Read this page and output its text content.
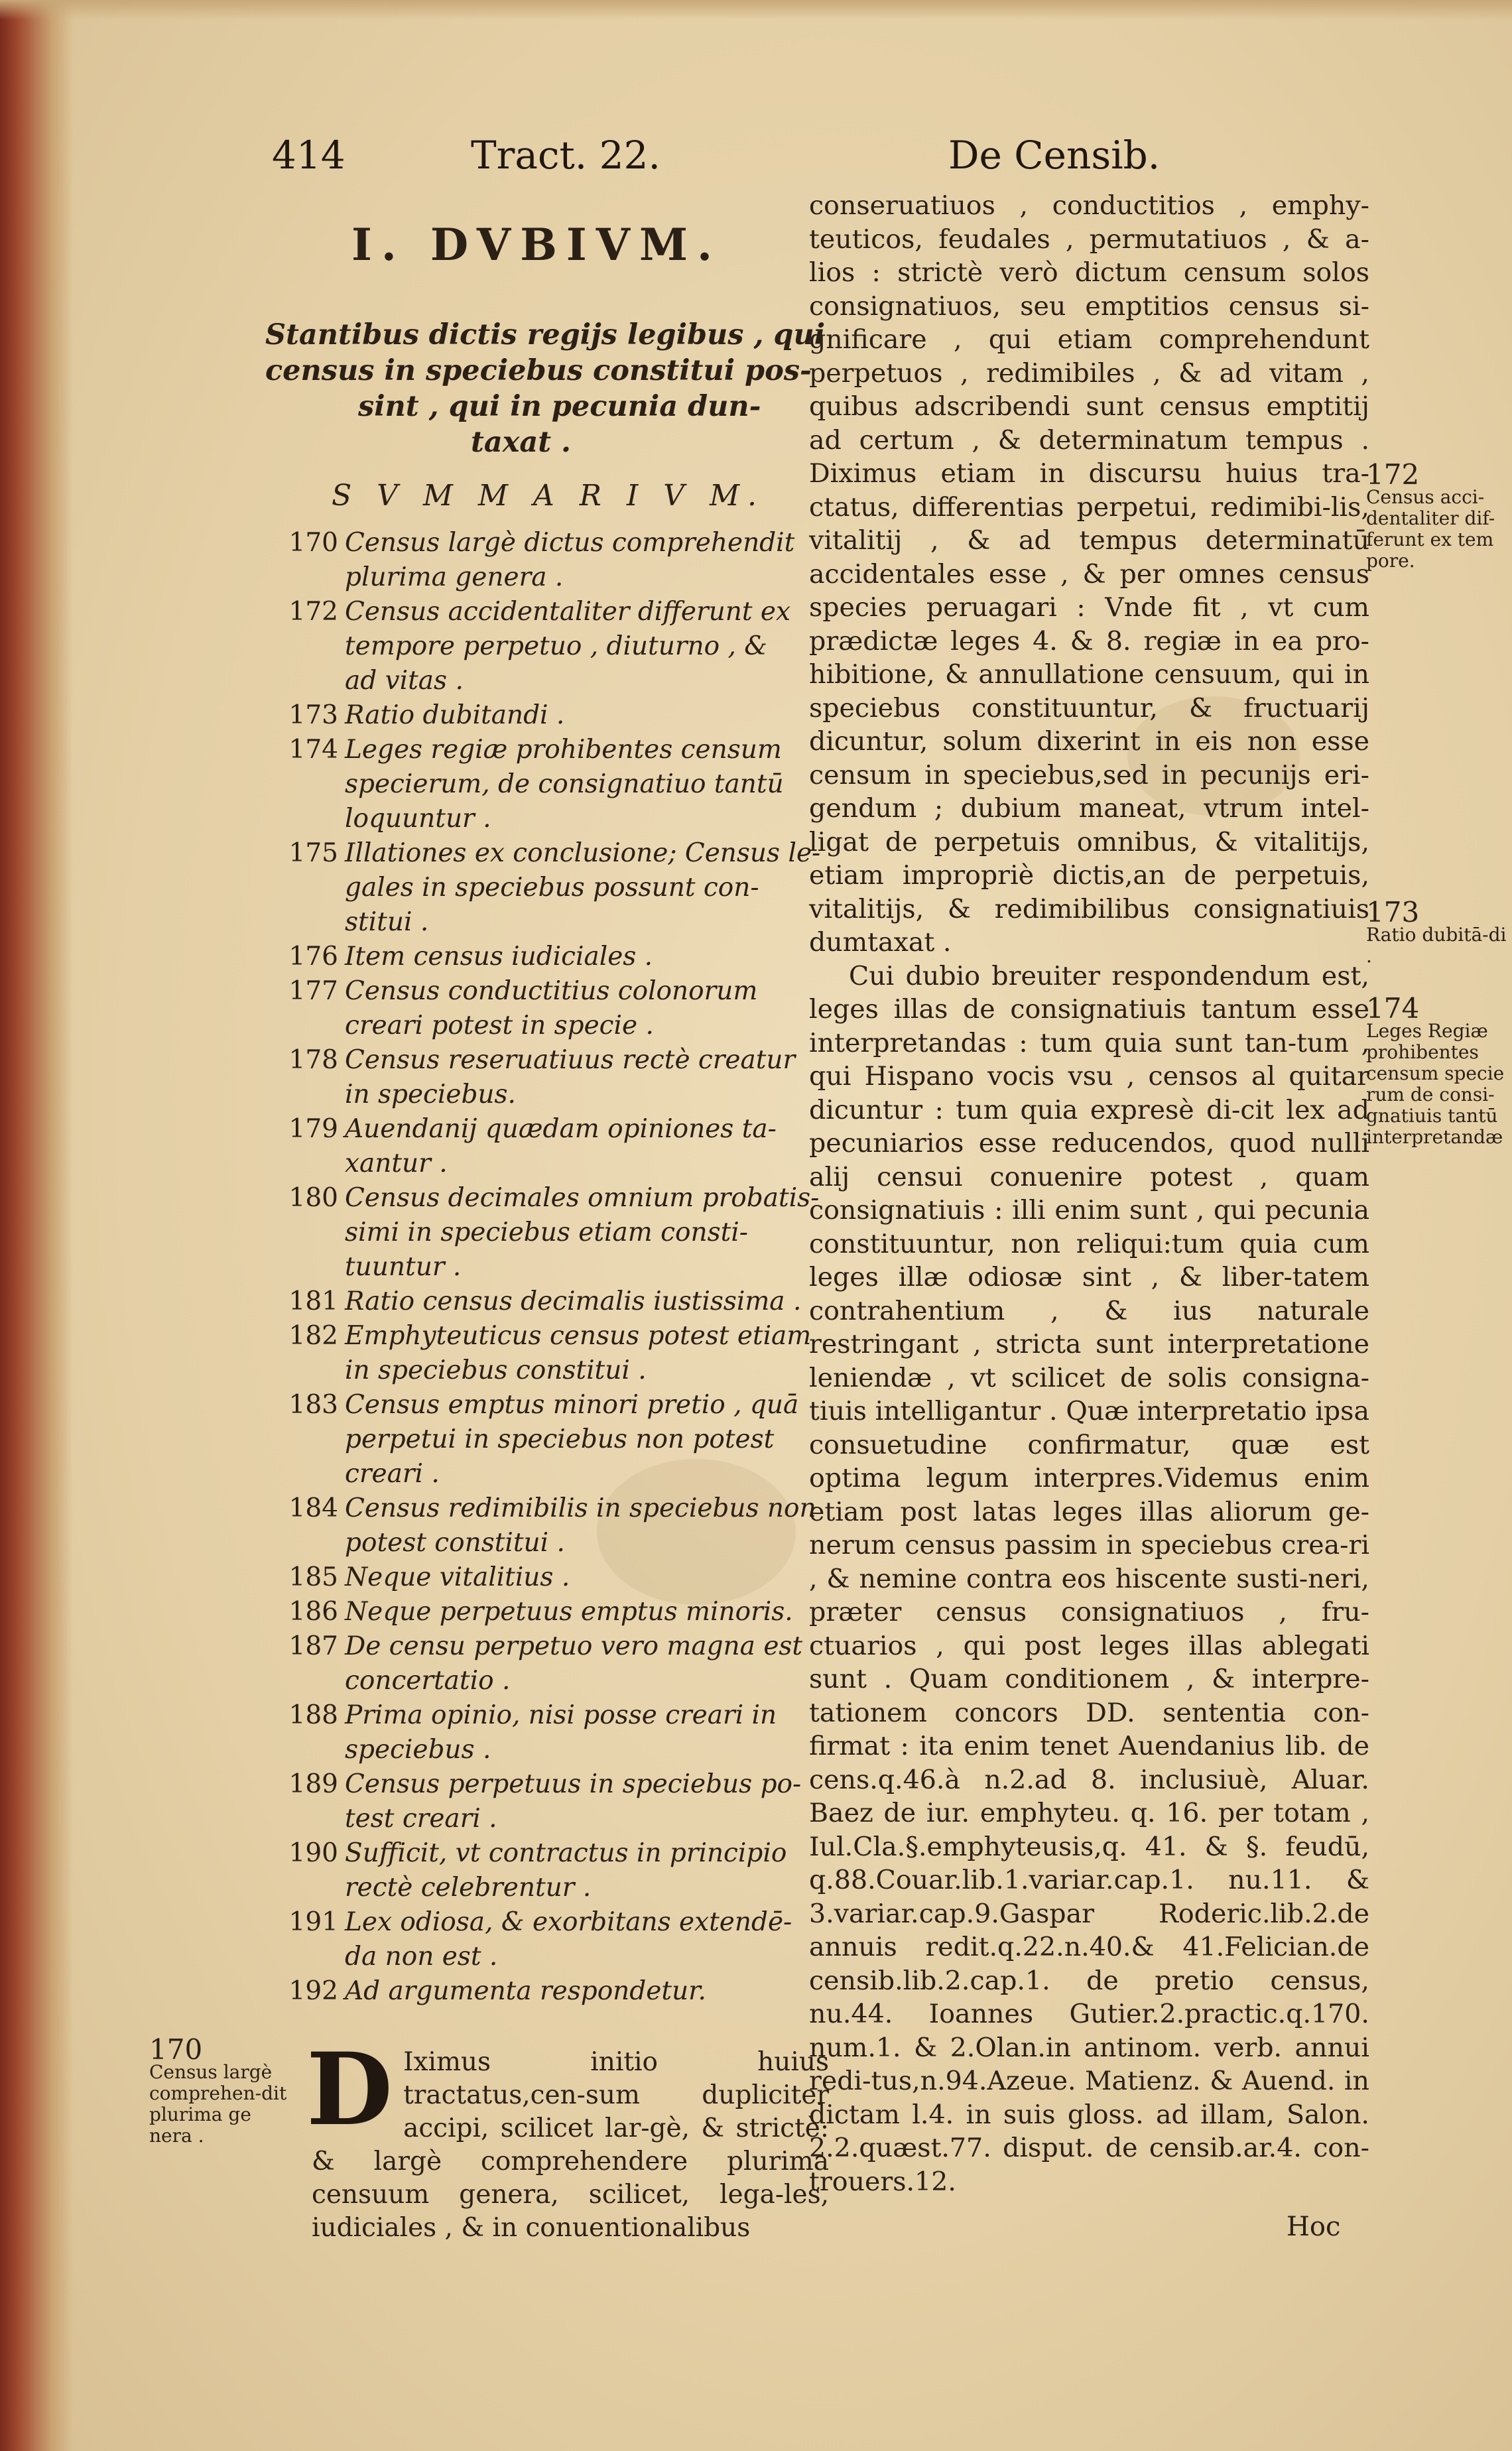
414	Tract. 22.	De Censib.
I. DVBIVM.
Stantibus dictis regijs legibus , qui
census in speciebus constitui pos-
sint , qui in pecunia dun-
taxat .
S V M M A R I V M.
170 Census largè dictus comprehendit
plurima genera .
172 Census accidentaliter differunt ex
tempore perpetuo , diuturno , &
ad vitas .
173 Ratio dubitandi .
174 Leges regiæ prohibentes censum
specierum, de consignatiuo tantū
loquuntur .
175 Illationes ex conclusione; Census le-
gales in speciebus possunt con-
stitui .
176 Item census iudiciales .
177 Census conductitius colonorum
creari potest in specie .
178 Census reseruatiuus rectè creatur
in speciebus.
179 Auendanij quædam opiniones ta-
xantur .
180 Census decimales omnium probatis-
simi in speciebus etiam consti-
tuuntur .
181 Ratio census decimalis iustissima .
182 Emphyteuticus census potest etiam
in speciebus constitui .
183 Census emptus minori pretio , quā
perpetui in speciebus non potest
creari .
184 Census redimibilis in speciebus non
potest constitui .
185 Neque vitalitius .
186 Neque perpetuus emptus minoris.
187 De censu perpetuo vero magna est
concertatio .
188 Prima opinio, nisi posse creari in
speciebus .
189 Census perpetuus in speciebus po-
test creari .
190 Sufficit, vt contractus in principio
rectè celebrentur .
191 Lex odiosa, & exorbitans extendē-
da non est .
192 Ad argumenta respondetur.
D Iximus initio huius tractatus,cen-sum dupliciter accipi, scilicet lar-gè, & strictè: & largè comprehendere plurima censuum genera, scilicet, lega-les, iudiciales , & in conuentionalibus

conseruatiuos , conductitios , emphy-teuticos, feudales , permutatiuos , & a-lios : strictè verò dictum censum solos consignatiuos, seu emptitios census si-gnificare , qui etiam comprehendunt perpetuos , redimibiles , & ad vitam , quibus adscribendi sunt census emptitij ad certum , & determinatum tempus . Diximus etiam in discursu huius tra-ctatus, differentias perpetui, redimibi-lis, vitalitij , & ad tempus determinatū accidentales esse , & per omnes census species peruagari : Vnde fit , vt cum prædictæ leges 4. & 8. regiæ in ea pro-hibitione, & annullatione censuum, qui in speciebus constituuntur, & fructuarij dicuntur, solum dixerint in eis non esse censum in speciebus,sed in pecunijs eri-gendum ; dubium maneat, vtrum intel-ligat de perpetuis omnibus, & vitalitijs, etiam impropriè dictis,an de perpetuis, vitalitijs, & redimibilibus consignatiuis dumtaxat .

Cui dubio breuiter respondendum est, leges illas de consignatiuis tantum esse interpretandas : tum quia sunt tan-tum , qui Hispano vocis vsu , censos al quitar dicuntur : tum quia expresè di-cit lex ad pecuniarios esse reducendos, quod nulli alij censui conuenire potest , quam consignatiuis : illi enim sunt , qui pecunia constituuntur, non reliqui:tum quia cum leges illæ odiosæ sint , & liber-tatem contrahentium , & ius naturale restringant , stricta sunt interpretatione leniendæ , vt scilicet de solis consigna-tiuis intelligantur . Quæ interpretatio ipsa consuetudine confirmatur, quæ est optima legum interpres.Videmus enim etiam post latas leges illas aliorum ge-nerum census passim in speciebus crea-ri , & nemine contra eos hiscente susti-neri, præter census consignatiuos , fru-ctuarios , qui post leges illas ablegati sunt . Quam conditionem , & interpre-tationem concors DD. sententia con-firmat : ita enim tenet Auendanius lib. de cens.q.46.à n.2.ad 8. inclusiuè, Aluar. Baez de iur. emphyteu. q. 16. per totam , Iul.Cla.§.emphyteusis,q. 41. & §. feudū, q.88.Couar.lib.1.variar.cap.1. nu.11. & 3.variar.cap.9.Gaspar Roderic.lib.2.de annuis redit.q.22.n.40.& 41.Felician.de censib.lib.2.cap.1. de pretio census, nu.44. Ioannes Gutier.2.practic.q.170. num.1. & 2.Olan.in antinom. verb. annui redi-tus,n.94.Azeue. Matienz. & Auend. in dictam l.4. in suis gloss. ad illam, Salon. 2.2.quæst.77. disput. de censib.ar.4. con-trouers.12.

170
Census largè comprehen-dit plurima ge nera .
172
Census acci-dentaliter dif-ferunt ex tem pore.
173
Ratio dubitā-di .
174
Leges Regiæ prohibentes censum specie rum de consi-gnatiuis tantū interpretandæ
Hoc
